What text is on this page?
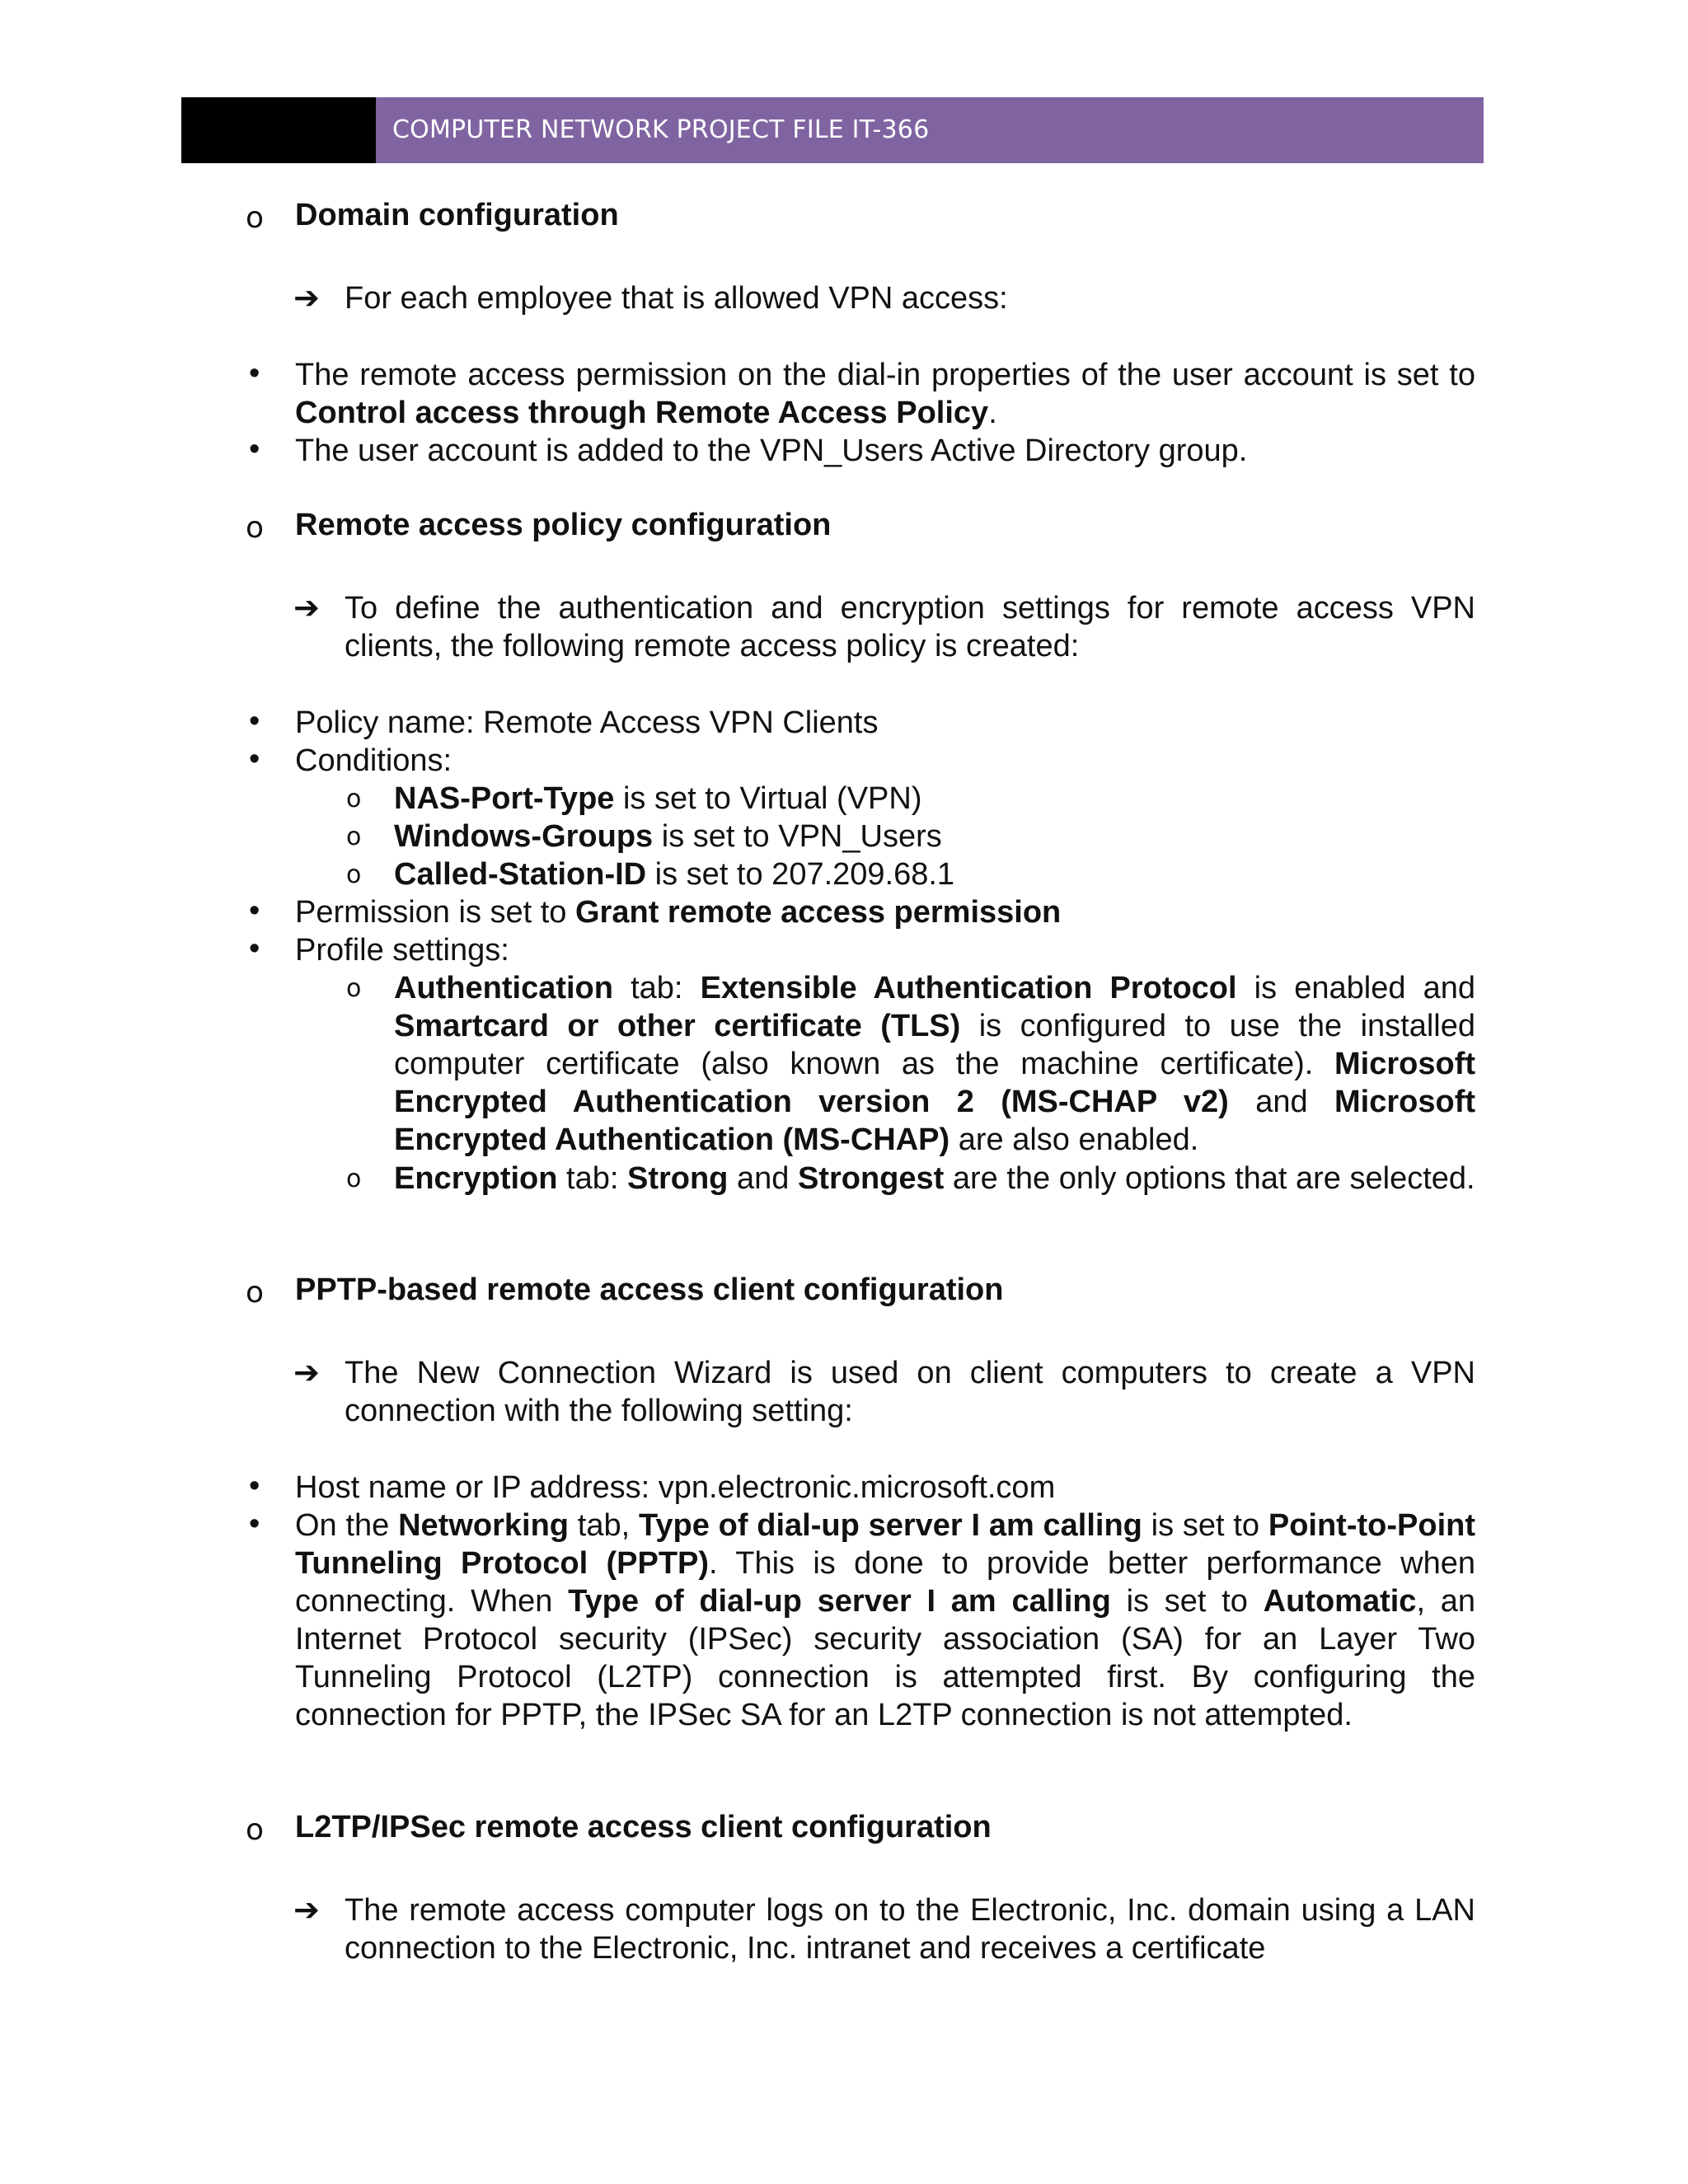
COMPUTER NETWORK PROJECT FILE IT-366
o Domain configuration
➔ For each employee that is allowed VPN access:
• The remote access permission on the dial-in properties of the user account is set to Control access through Remote Access Policy.
• The user account is added to the VPN_Users Active Directory group.
o Remote access policy configuration
➔ To define the authentication and encryption settings for remote access VPN clients, the following remote access policy is created:
• Policy name: Remote Access VPN Clients
• Conditions:
o NAS-Port-Type is set to Virtual (VPN)
o Windows-Groups is set to VPN_Users
o Called-Station-ID is set to 207.209.68.1
• Permission is set to Grant remote access permission
• Profile settings:
o Authentication tab: Extensible Authentication Protocol is enabled and Smartcard or other certificate (TLS) is configured to use the installed computer certificate (also known as the machine certificate). Microsoft Encrypted Authentication version 2 (MS-CHAP v2) and Microsoft Encrypted Authentication (MS-CHAP) are also enabled.
o Encryption tab: Strong and Strongest are the only options that are selected.
o PPTP-based remote access client configuration
➔ The New Connection Wizard is used on client computers to create a VPN connection with the following setting:
• Host name or IP address: vpn.electronic.microsoft.com
• On the Networking tab, Type of dial-up server I am calling is set to Point-to-Point Tunneling Protocol (PPTP). This is done to provide better performance when connecting. When Type of dial-up server I am calling is set to Automatic, an Internet Protocol security (IPSec) security association (SA) for an Layer Two Tunneling Protocol (L2TP) connection is attempted first. By configuring the connection for PPTP, the IPSec SA for an L2TP connection is not attempted.
o L2TP/IPSec remote access client configuration
➔ The remote access computer logs on to the Electronic, Inc. domain using a LAN connection to the Electronic, Inc. intranet and receives a certificate
